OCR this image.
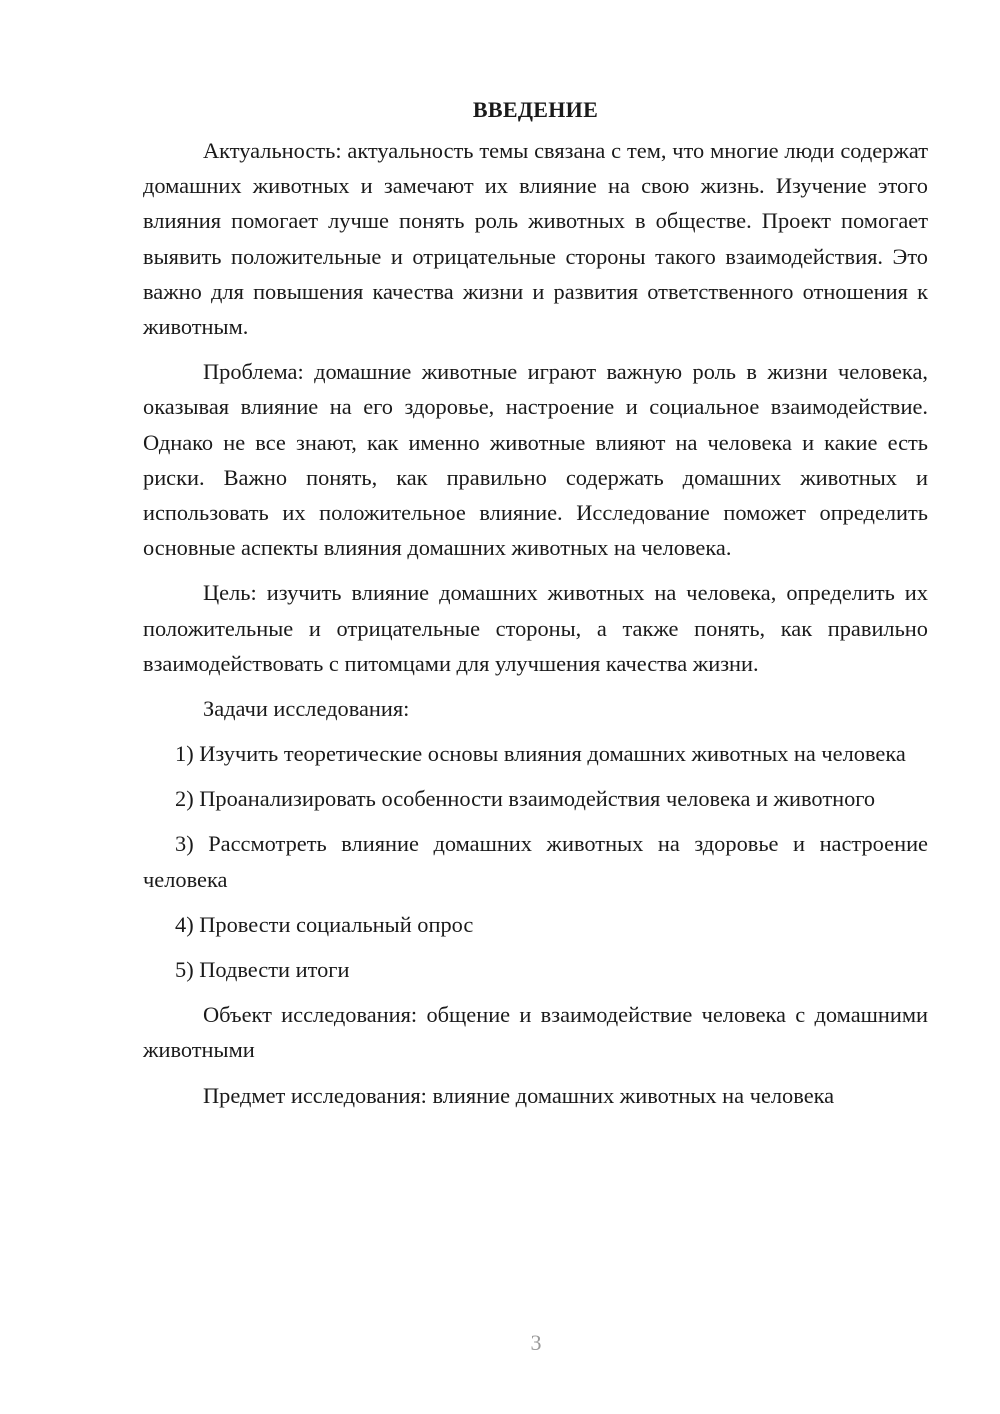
ВВЕДЕНИЕ

Актуальность: актуальность темы связана с тем, что многие люди содержат домашних животных и замечают их влияние на свою жизнь. Изучение этого влияния помогает лучше понять роль животных в обществе. Проект помогает выявить положительные и отрицательные стороны такого взаимодействия. Это важно для повышения качества жизни и развития ответственного отношения к животным.

Проблема: домашние животные играют важную роль в жизни человека, оказывая влияние на его здоровье, настроение и социальное взаимодействие. Однако не все знают, как именно животные влияют на человека и какие есть риски. Важно понять, как правильно содержать домашних животных и использовать их положительное влияние. Исследование поможет определить основные аспекты влияния домашних животных на человека.

Цель: изучить влияние домашних животных на человека, определить их положительные и отрицательные стороны, а также понять, как правильно взаимодействовать с питомцами для улучшения качества жизни.

Задачи исследования:

1) Изучить теоретические основы влияния домашних животных на человека

2) Проанализировать особенности взаимодействия человека и животного

3) Рассмотреть влияние домашних животных на здоровье и настроение человека

4) Провести социальный опрос

5) Подвести итоги

Объект исследования: общение и взаимодействие человека с домашними животными

Предмет исследования: влияние домашних животных на человека

3
